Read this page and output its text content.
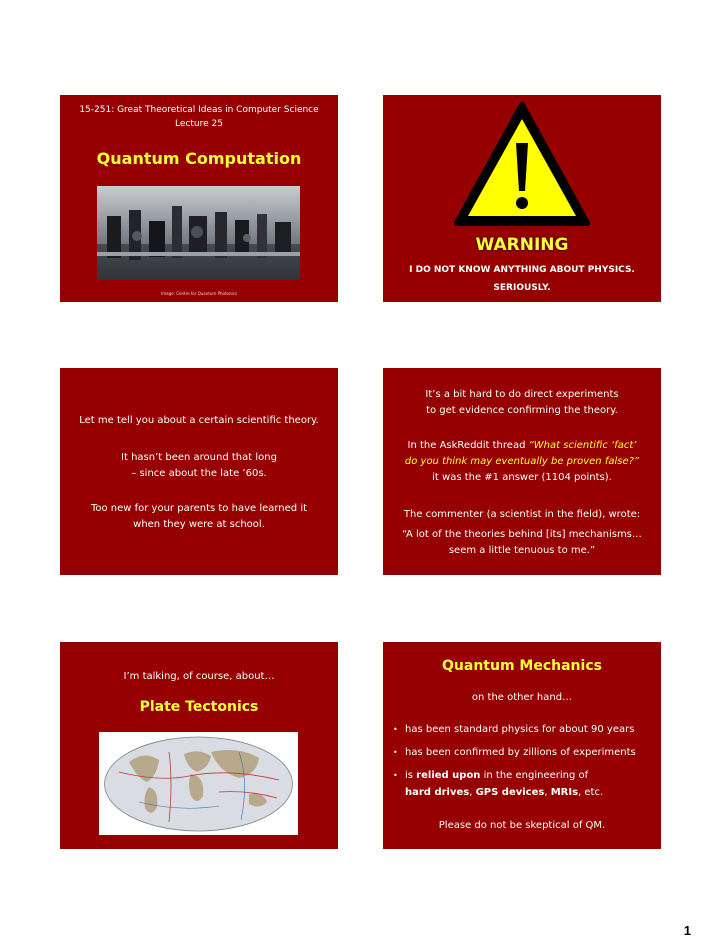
15-251: Great Theoretical Ideas in Computer Science
Lecture 25
Quantum Computation
Image: Centre for Quantum Photonics
WARNING
I DO NOT KNOW ANYTHING ABOUT PHYSICS.
SERIOUSLY.

Let me tell you about a certain scientific theory.

It hasn’t been around that long

– since about the late ’60s.

Too new for your parents to have learned it

when they were at school.

It’s a bit hard to do direct experiments

to get evidence confirming the theory.

In the AskReddit thread “What scientific ‘fact’

do you think may eventually be proven false?”

it was the #1 answer (1104 points).

The commenter (a scientist in the field), wrote:

“A lot of the theories behind [its] mechanisms…

seem a little tenuous to me.”

I’m talking, of course, about…
Plate Tectonics
Quantum Mechanics
on the other hand…
• has been standard physics for about 90 years
• has been confirmed by zillions of experiments
• is relied upon in the engineering of
hard drives, GPS devices, MRIs, etc.
Please do not be skeptical of QM.
1
